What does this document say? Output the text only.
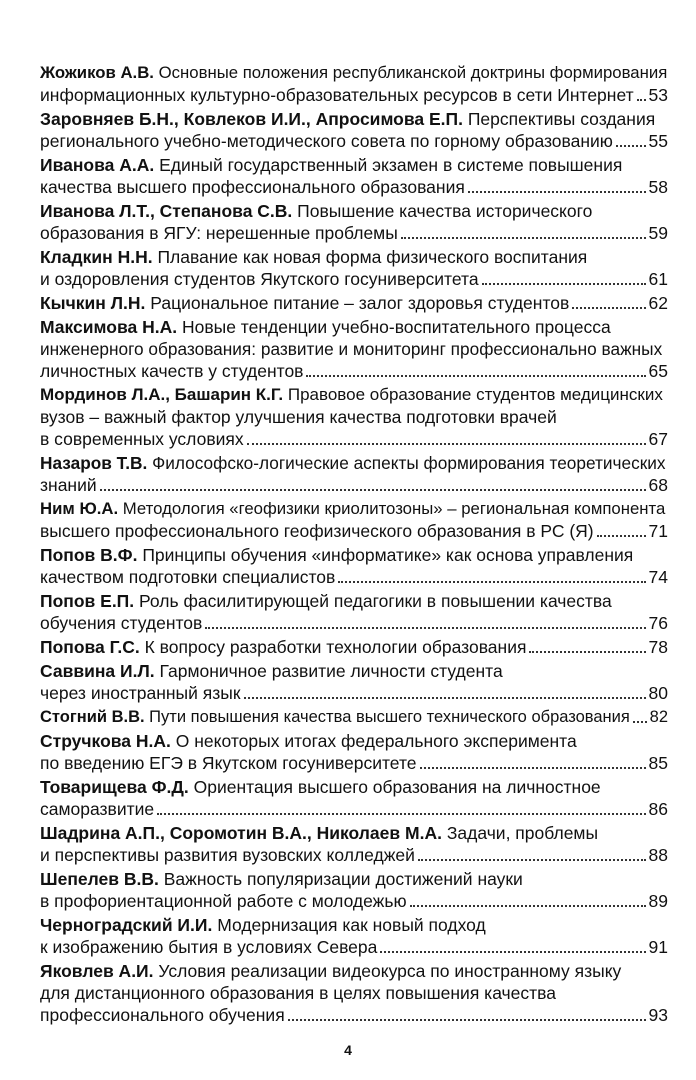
Жожиков А.В. Основные положения республиканской доктрины формирования
информационных культурно-образовательных ресурсов в сети Интернет 53
Заровняев Б.Н., Ковлеков И.И., Апросимова Е.П. Перспективы создания
регионального учебно-методического совета по горному образованию 55
Иванова А.А. Единый государственный экзамен в системе повышения
качества высшего профессионального образования	58
Иванова Л.Т., Степанова С.В. Повышение качества исторического
образования в ЯГУ: нерешенные проблемы	59
Кладкин Н.Н. Плавание как новая форма физического воспитания
и оздоровления студентов Якутского госуниверситета	61
Кычкин Л.Н. Рациональное питание – залог здоровья студентов	62
Максимова Н.А. Новые тенденции учебно-воспитательного процесса
инженерного образования: развитие и мониторинг профессионально важных
личностных качеств у студентов	65
Мординов Л.А., Башарин К.Г. Правовое образование студентов медицинских
вузов – важный фактор улучшения качества подготовки врачей
в современных условиях	67
Назаров Т.В. Философско-логические аспекты формирования теоретических
знаний	68
Ним Ю.А. Методология «геофизики криолитозоны» – региональная компонента
высшего профессионального геофизического образования в РС (Я)	71
Попов В.Ф. Принципы обучения «информатике» как основа управления
качеством подготовки специалистов	74
Попов Е.П. Роль фасилитирующей педагогики в повышении качества
обучения студентов	76
Попова Г.С. К вопросу разработки технологии образования	78
Саввина И.Л. Гармоничное развитие личности студента
через иностранный язык	80
Стогний В.В. Пути повышения качества высшего технического образования 82
Стручкова Н.А. О некоторых итогах федерального эксперимента
по введению ЕГЭ в Якутском госуниверситете	85
Товарищева Ф.Д. Ориентация высшего образования на личностное
саморазвитие	86
Шадрина А.П., Соромотин В.А., Николаев М.А. Задачи, проблемы
и перспективы развития вузовских колледжей	88
Шепелев В.В. Важность популяризации достижений науки
в профориентационной работе с молодежью	89
Черноградский И.И. Модернизация как новый подход
к изображению бытия в условиях Севера	91
Яковлев А.И. Условия реализации видеокурса по иностранному языку
для дистанционного образования в целях повышения качества
профессионального обучения	93
4
